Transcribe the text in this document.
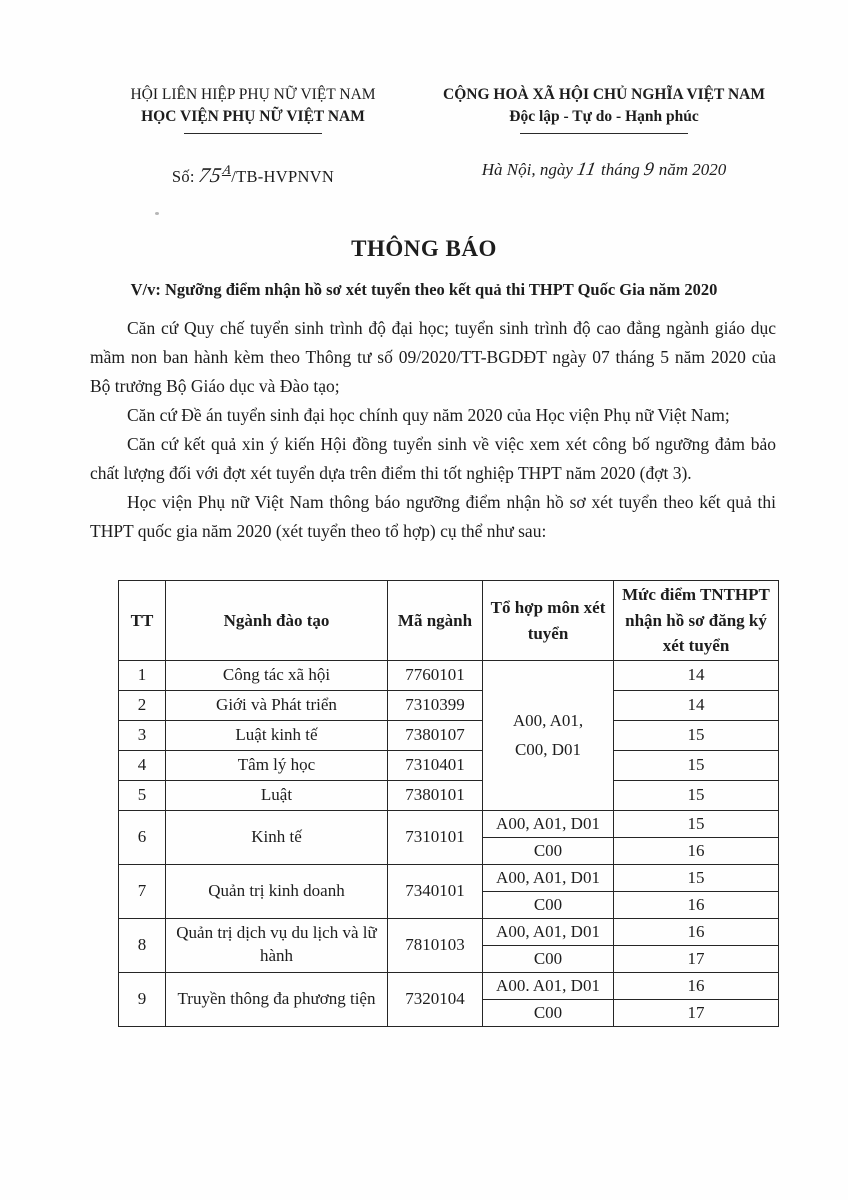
HỘI LIÊN HIỆP PHỤ NỮ VIỆT NAM
HỌC VIỆN PHỤ NỮ VIỆT NAM
Số: $75^A/TB$-HVPNVN
CỘNG HOÀ XÃ HỘI CHỦ NGHĨA VIỆT NAM
Độc lập - Tự do - Hạnh phúc
Hà Nội, ngày 11 tháng 9 năm 2020
THÔNG BÁO
V/v: Ngưỡng điểm nhận hồ sơ xét tuyển theo kết quả thi THPT Quốc Gia năm 2020

Căn cứ Quy chế tuyển sinh trình độ đại học; tuyển sinh trình độ cao đẳng ngành giáo dục mầm non ban hành kèm theo Thông tư số 09/2020/TT-BGDĐT ngày 07 tháng 5 năm 2020 của Bộ trưởng Bộ Giáo dục và Đào tạo;

Căn cứ Đề án tuyển sinh đại học chính quy năm 2020 của Học viện Phụ nữ Việt Nam;

Căn cứ kết quả xin ý kiến Hội đồng tuyển sinh về việc xem xét công bố ngưỡng đảm bảo chất lượng đối với đợt xét tuyển dựa trên điểm thi tốt nghiệp THPT năm 2020 (đợt 3).

Học viện Phụ nữ Việt Nam thông báo ngưỡng điểm nhận hồ sơ xét tuyển theo kết quả thi THPT quốc gia năm 2020 (xét tuyển theo tổ hợp) cụ thể như sau:

TT	Ngành đào tạo	Mã ngành	Tổ hợp môn xét tuyển	Mức điểm TNTHPT nhận hồ sơ đăng ký xét tuyển
1	Công tác xã hội	7760101	A00, A01, C00, D01	14
2	Giới và Phát triển	7310399		14
3	Luật kinh tế	7380107		15
4	Tâm lý học	7310401		15
5	Luật	7380101		15
6	Kinh tế	7310101	A00, A01, D01	15
			C00	16
7	Quản trị kinh doanh	7340101	A00, A01, D01	15
			C00	16
8	Quản trị dịch vụ du lịch và lữ hành	7810103	A00, A01, D01	16
			C00	17
9	Truyền thông đa phương tiện	7320104	A00. A01, D01	16
			C00	17
